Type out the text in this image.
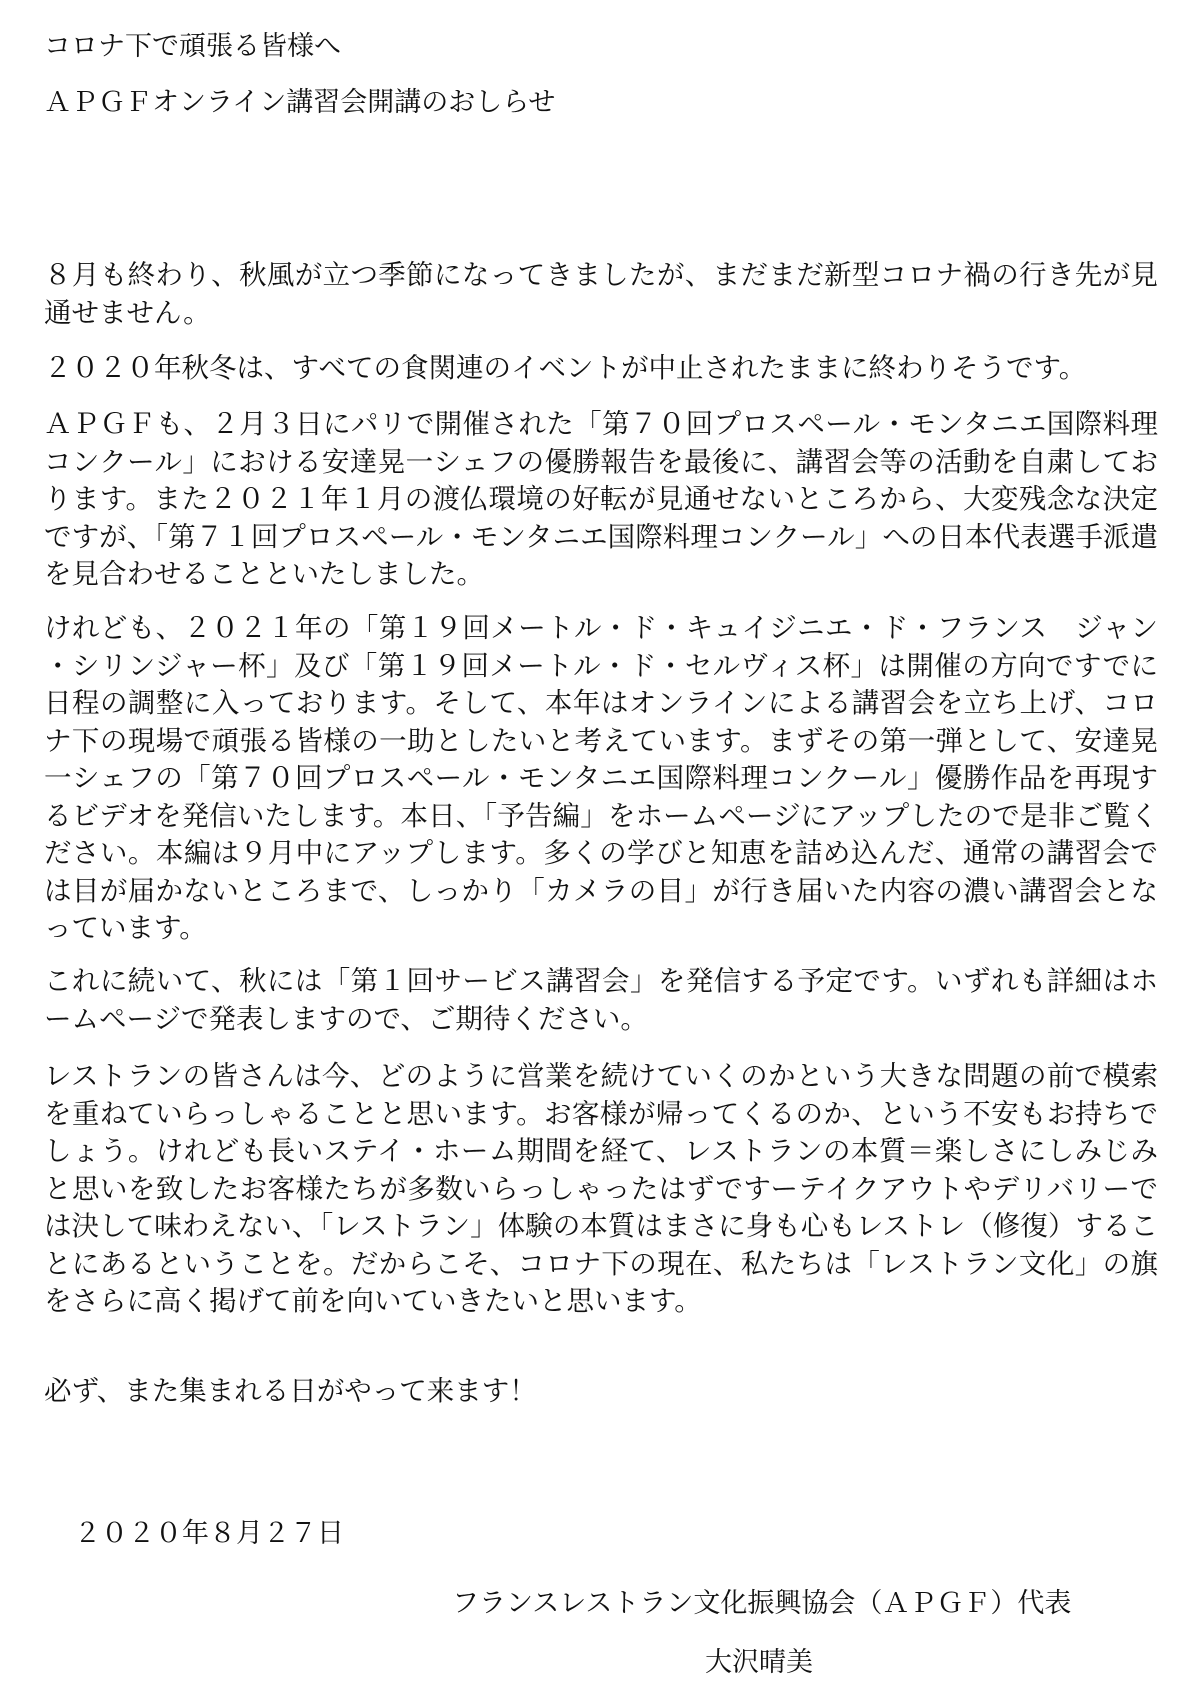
コロナ下で頑張る皆様へ

ＡＰＧＦオンライン講習会開講のおしらせ

８月も終わり、秋風が立つ季節になってきましたが、まだまだ新型コロナ禍の行き先が見通せません。

２０２０年秋冬は、すべての食関連のイベントが中止されたままに終わりそうです。

ＡＰＧＦも、２月３日にパリで開催された「第７０回プロスペール・モンタニエ国際料理コンクール」における安達晃一シェフの優勝報告を最後に、講習会等の活動を自粛しております。また２０２１年１月の渡仏環境の好転が見通せないところから、大変残念な決定ですが、「第７１回プロスペール・モンタニエ国際料理コンクール」への日本代表選手派遣を見合わせることといたしました。

けれども、２０２１年の「第１９回メートル・ド・キュイジニエ・ド・フランス　ジャン・シリンジャー杯」及び「第１９回メートル・ド・セルヴィス杯」は開催の方向ですでに日程の調整に入っております。そして、本年はオンラインによる講習会を立ち上げ、コロナ下の現場で頑張る皆様の一助としたいと考えています。まずその第一弾として、安達晃一シェフの「第７０回プロスペール・モンタニエ国際料理コンクール」優勝作品を再現するビデオを発信いたします。本日、「予告編」をホームページにアップしたので是非ご覧ください。本編は９月中にアップします。多くの学びと知恵を詰め込んだ、通常の講習会では目が届かないところまで、しっかり「カメラの目」が行き届いた内容の濃い講習会となっています。

これに続いて、秋には「第１回サービス講習会」を発信する予定です。いずれも詳細はホームページで発表しますので、ご期待ください。

レストランの皆さんは今、どのように営業を続けていくのかという大きな問題の前で模索を重ねていらっしゃることと思います。お客様が帰ってくるのか、という不安もお持ちでしょう。けれども長いステイ・ホーム期間を経て、レストランの本質＝楽しさにしみじみと思いを致したお客様たちが多数いらっしゃったはずですーテイクアウトやデリバリーでは決して味わえない、「レストラン」体験の本質はまさに身も心もレストレ（修復）することにあるということを。だからこそ、コロナ下の現在、私たちは「レストラン文化」の旗をさらに高く掲げて前を向いていきたいと思います。

必ず、また集まれる日がやって来ます！

２０２０年８月２７日

フランスレストラン文化振興協会（ＡＰＧＦ）代表

大沢晴美
